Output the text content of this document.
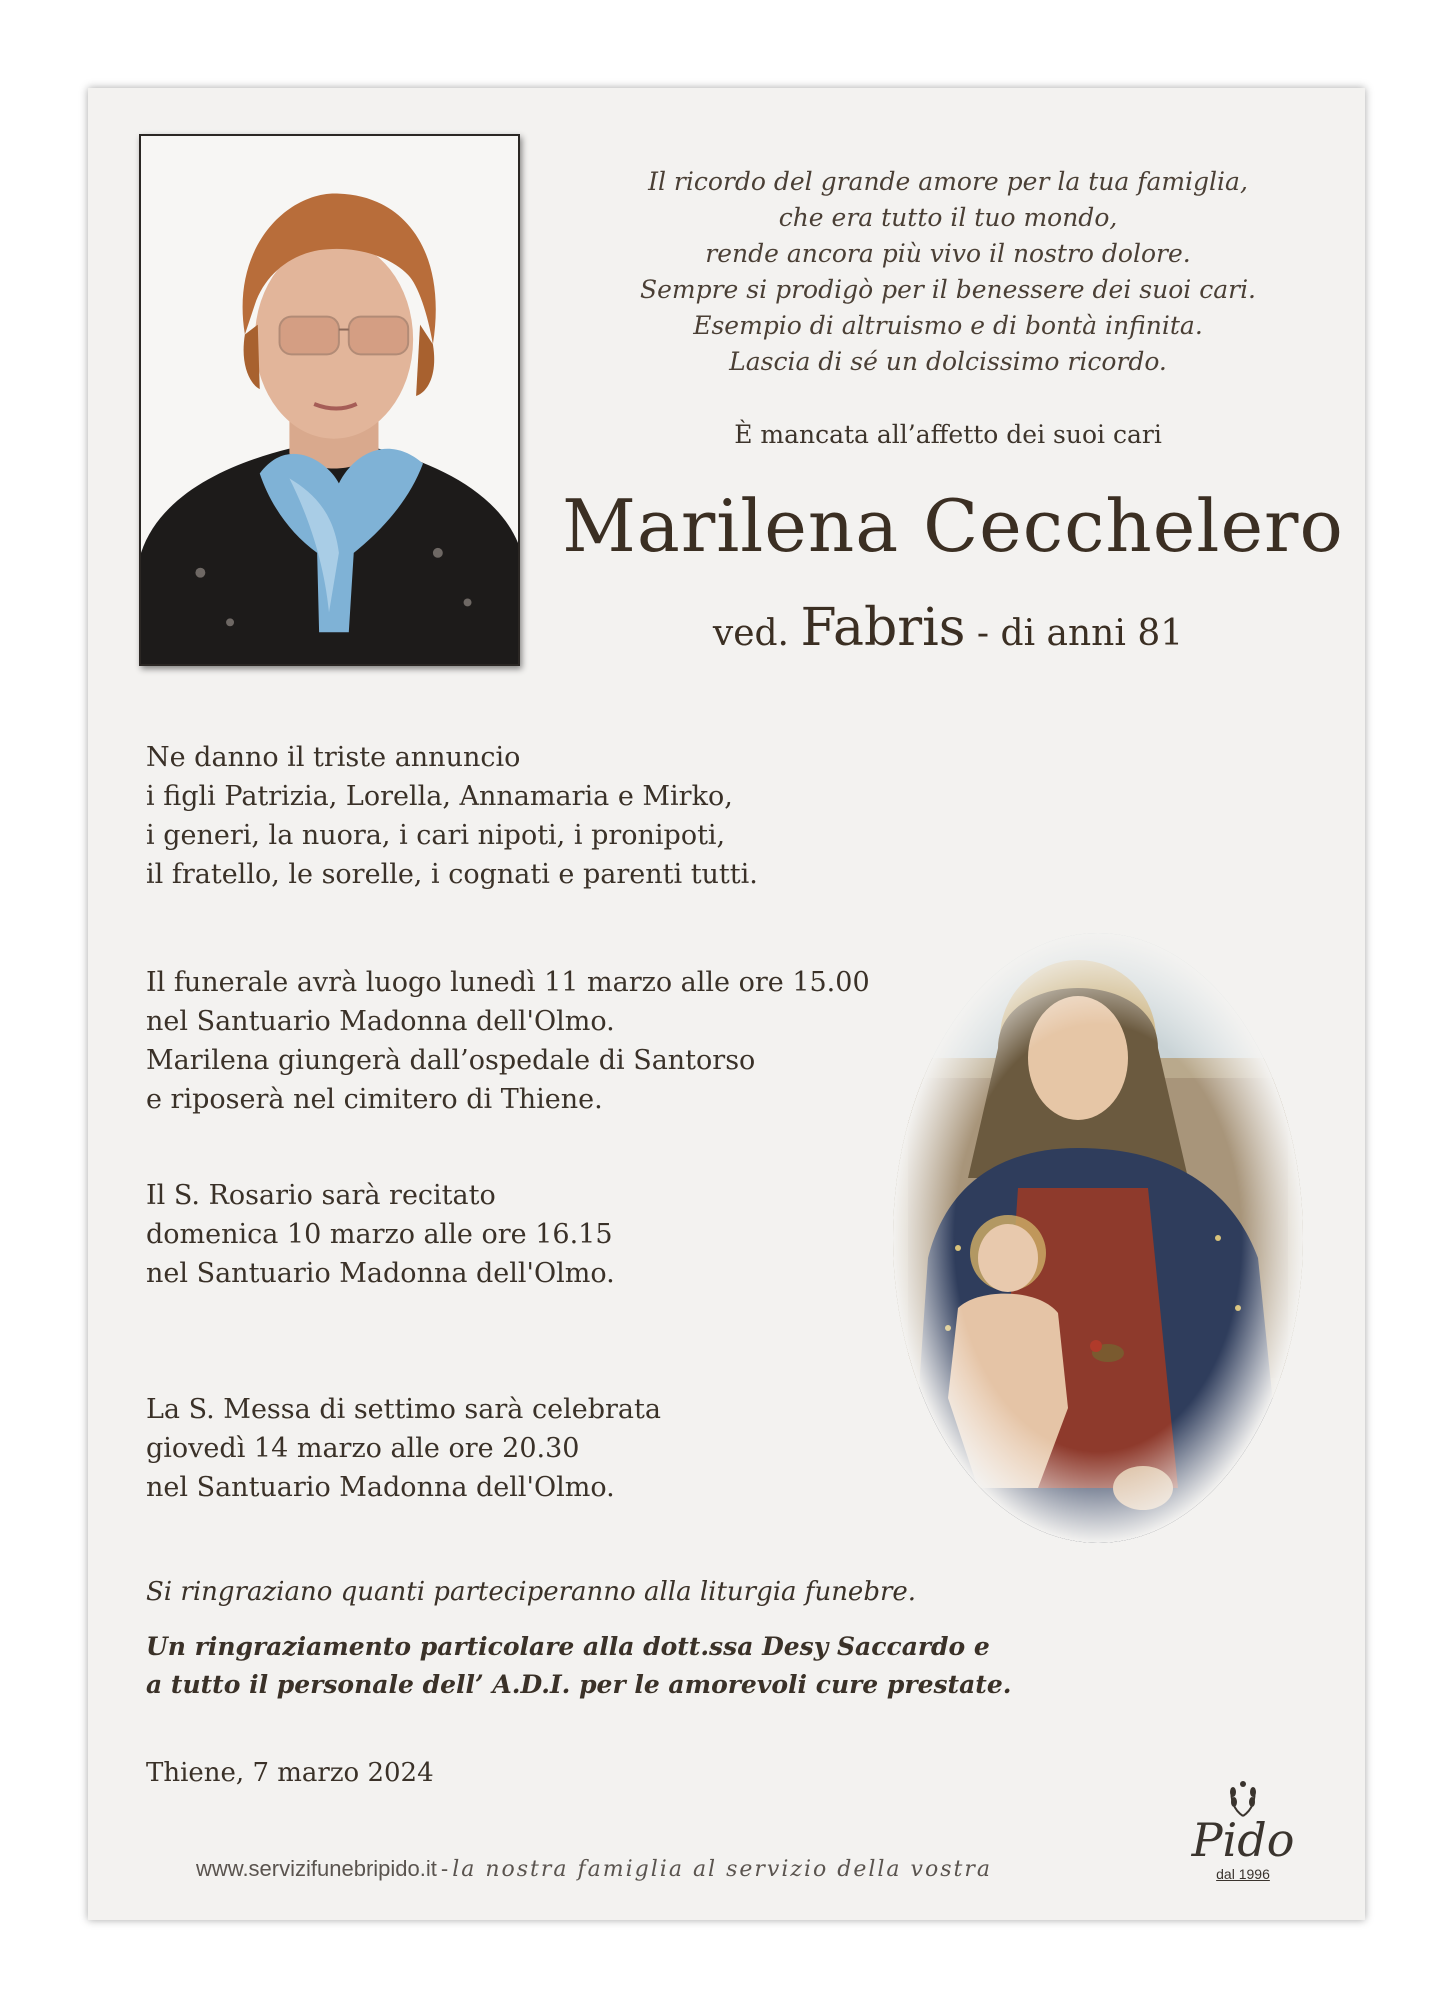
Il ricordo del grande amore per la tua famiglia,
che era tutto il tuo mondo,
rende ancora più vivo il nostro dolore.
Sempre si prodigò per il benessere dei suoi cari.
Esempio di altruismo e di bontà infinita.
Lascia di sé un dolcissimo ricordo.
È mancata all’affetto dei suoi cari
Marilena Cecchelero
ved. Fabris - di anni 81
Ne danno il triste annuncio
i figli Patrizia, Lorella, Annamaria e Mirko,
i generi, la nuora, i cari nipoti, i pronipoti,
il fratello, le sorelle, i cognati e parenti tutti.
Il funerale avrà luogo lunedì 11 marzo alle ore 15.00
nel Santuario Madonna dell'Olmo.
Marilena giungerà dall’ospedale di Santorso
e riposerà nel cimitero di Thiene.
Il S. Rosario sarà recitato
domenica 10 marzo alle ore 16.15
nel Santuario Madonna dell'Olmo.
La S. Messa di settimo sarà celebrata
giovedì 14 marzo alle ore 20.30
nel Santuario Madonna dell'Olmo.
Si ringraziano quanti parteciperanno alla liturgia funebre.
Un ringraziamento particolare alla dott.ssa Desy Saccardo e
a tutto il personale dell’ A.D.I. per le amorevoli cure prestate.
Thiene, 7 marzo 2024
www.servizifunebripido.it - la nostra famiglia al servizio della vostra
Pido
dal 1996
